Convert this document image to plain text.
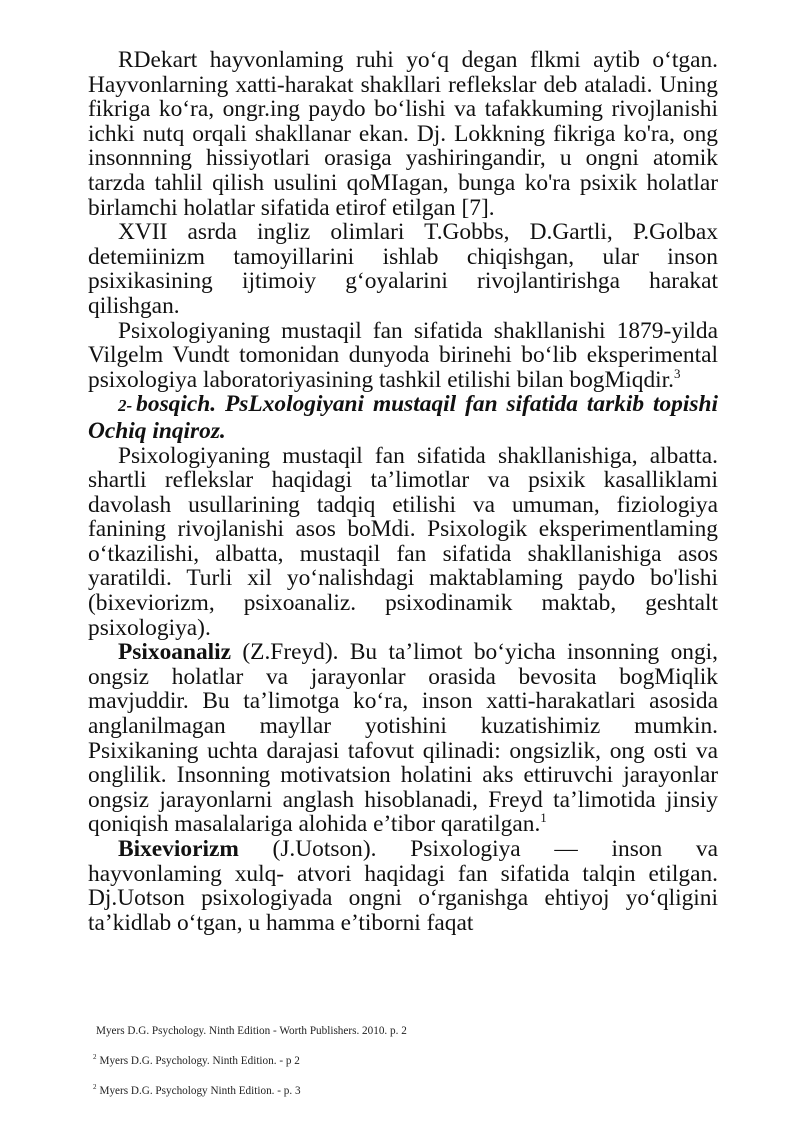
RDekart hayvonlaming ruhi yo‘q degan flkmi aytib o‘tgan. Hayvonlarning xatti-harakat shakllari reflekslar deb ataladi. Uning fikriga ko‘ra, ongr.ing paydo bo‘lishi va tafakkuming rivojlanishi ichki nutq orqali shakllanar ekan. Dj. Lokkning fikriga ko'ra, ong insonnning hissiyotlari orasiga yashiringandir, u ongni atomik tarzda tahlil qilish usulini qoMIagan, bunga ko'ra psixik holatlar birlamchi holatlar sifatida etirof etilgan [7].

XVII asrda ingliz olimlari T.Gobbs, D.Gartli, P.Golbax detemiinizm tamoyillarini ishlab chiqishgan, ular inson psixikasining ijtimoiy g‘oyalarini rivojlantirishga harakat qilishgan.

Psixologiyaning mustaqil fan sifatida shakllanishi 1879-yilda Vilgelm Vundt tomonidan dunyoda birinehi bo‘lib eksperimental psixologiya laboratoriyasining tashkil etilishi bilan bogMiqdir.$^3$

2- bosqich. PsLxologiyani mustaqil fan sifatida tarkib topishi Ochiq inqiroz.

Psixologiyaning mustaqil fan sifatida shakllanishiga, albatta. shartli reflekslar haqidagi ta’limotlar va psixik kasalliklami davolash usullarining tadqiq etilishi va umuman, fiziologiya fanining rivojlanishi asos boMdi. Psixologik eksperimentlaming o‘tkazilishi, albatta, mustaqil fan sifatida shakllanishiga asos yaratildi. Turli xil yo‘nalishdagi maktablaming paydo bo'lishi (bixeviorizm, psixoanaliz. psixodinamik maktab, geshtalt psixologiya).

Psixoanaliz (Z.Freyd). Bu ta’limot bo‘yicha insonning ongi, ongsiz holatlar va jarayonlar orasida bevosita bogMiqlik mavjuddir. Bu ta’limotga ko‘ra, inson xatti-harakatlari asosida anglanilmagan mayllar yotishini kuzatishimiz mumkin. Psixikaning uchta darajasi tafovut qilinadi: ongsizlik, ong osti va onglilik. Insonning motivatsion holatini aks ettiruvchi jarayonlar ongsiz jarayonlarni anglash hisoblanadi, Freyd ta’limotida jinsiy qoniqish masalalariga alohida e’tibor qaratilgan.$^1$

Bixeviorizm (J.Uotson). Psixologiya — inson va hayvonlaming xulq- atvori haqidagi fan sifatida talqin etilgan. Dj.Uotson psixologiyada ongni o‘rganishga ehtiyoj yo‘qligini ta’kidlab o‘tgan, u hamma e’tiborni faqat

Myers D.G. Psychology. Ninth Edition - Worth Publishers. 2010. p. 2

$^2$ Myers D.G. Psychology. Ninth Edition. - p 2

$^2$ Myers D.G. Psychology Ninth Edition. - p. 3
